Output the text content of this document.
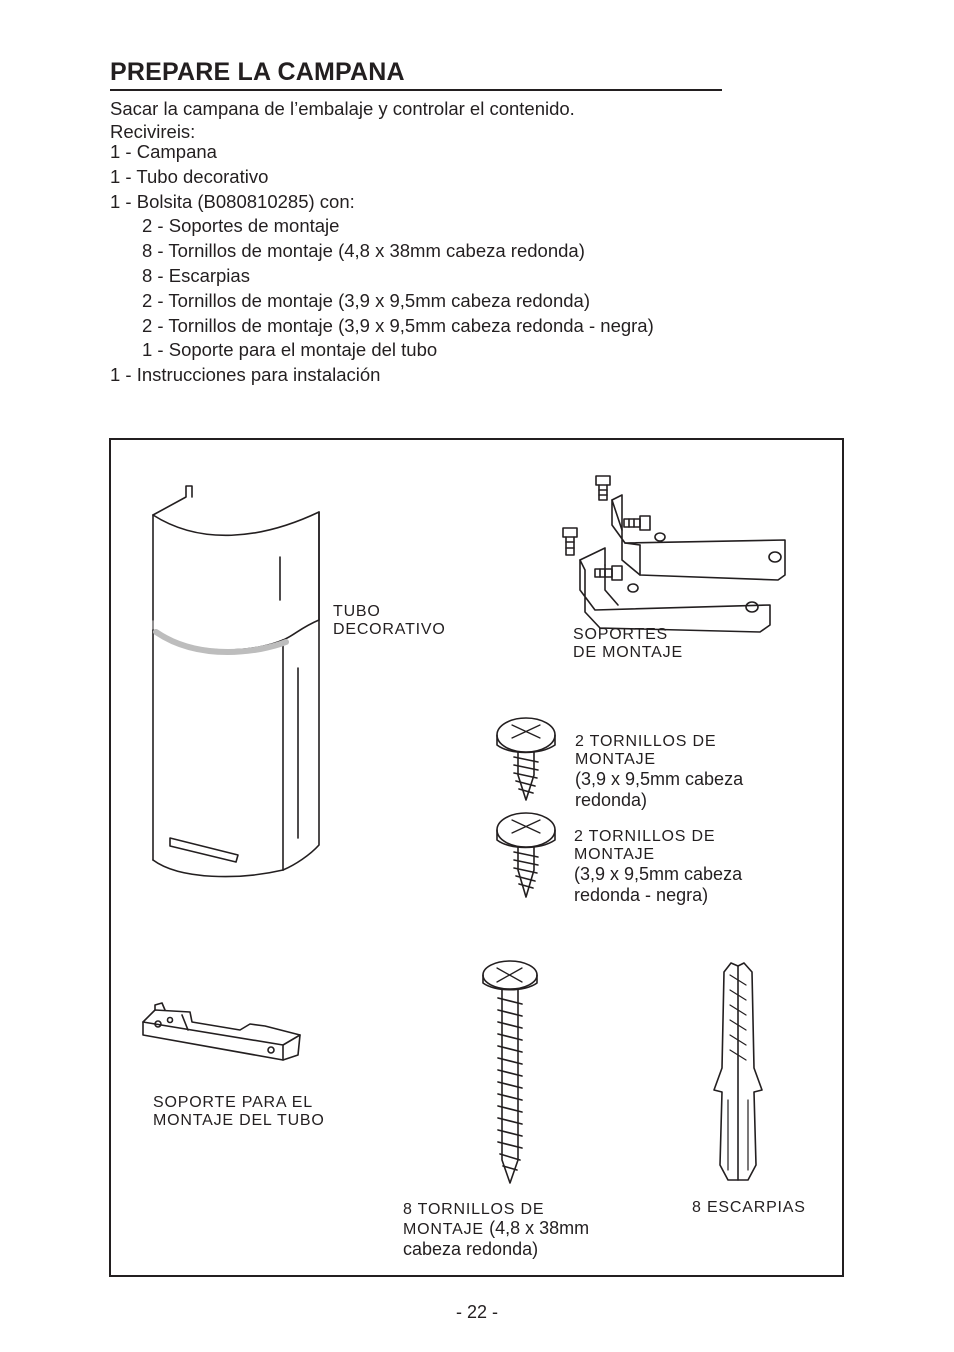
PREPARE LA CAMPANA
Sacar la campana de l’embalaje y controlar el contenido.
Recivireis:
1 - Campana
1 - Tubo decorativo
1 - Bolsita (B080810285) con:
2 - Soportes de montaje
8 - Tornillos de montaje (4,8 x 38mm cabeza redonda)
8 - Escarpias
2 - Tornillos de montaje (3,9 x 9,5mm cabeza redonda)
2 - Tornillos de montaje (3,9 x 9,5mm cabeza redonda - negra)
1 - Soporte para el montaje del tubo
1 - Instrucciones para instalación
TUBO
DECORATIVO	SOPORTES
DE MONTAJE
2 TORNILLOS DE
MONTAJE
(3,9 x 9,5mm cabeza
redonda)
2 TORNILLOS DE
MONTAJE
(3,9 x 9,5mm cabeza
redonda - negra)
SOPORTE PARA EL
MONTAJE DEL TUBO
8 TORNILLOS DE
MONTAJE (4,8 x 38mm
cabeza redonda)
8 ESCARPIAS
- 22 -
